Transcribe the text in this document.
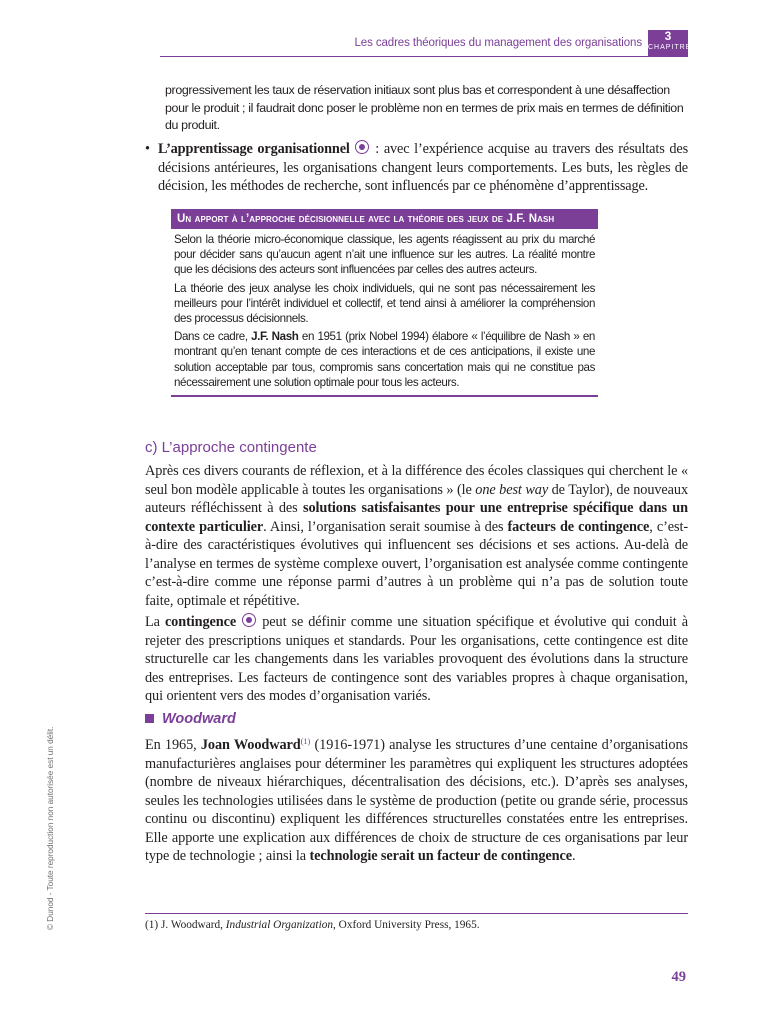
Les cadres théoriques du management des organisations	3
CHAPITRE
progressivement les taux de réservation initiaux sont plus bas et correspondent à une désaffection pour le produit ; il faudrait donc poser le problème non en termes de prix mais en termes de définition du produit.
• L’apprentissage organisationnel  : avec l’expérience acquise au travers des résultats des décisions antérieures, les organisations changent leurs comportements. Les buts, les règles de décision, les méthodes de recherche, sont influencés par ce phénomène d’apprentissage.
Un apport à l’approche décisionnelle avec la théorie des jeux de J.F. Nash

Selon la théorie micro-économique classique, les agents réagissent au prix du marché pour décider sans qu’aucun agent n’ait une influence sur les autres. La réalité montre que les décisions des acteurs sont influencées par celles des autres acteurs.

La théorie des jeux analyse les choix individuels, qui ne sont pas nécessairement les meilleurs pour l’intérêt individuel et collectif, et tend ainsi à améliorer la compréhension des processus décisionnels.

Dans ce cadre, J.F. Nash en 1951 (prix Nobel 1994) élabore « l’équilibre de Nash » en montrant qu’en tenant compte de ces interactions et de ces anticipations, il existe une solution acceptable par tous, compromis sans concertation mais qui ne constitue pas nécessairement une solution optimale pour tous les acteurs.

c) L’approche contingente
Après ces divers courants de réflexion, et à la différence des écoles classiques qui cherchent le « seul bon modèle applicable à toutes les organisations » (le one best way de Taylor), de nouveaux auteurs réfléchissent à des solutions satisfaisantes pour une entreprise spécifique dans un contexte particulier. Ainsi, l’organisation serait soumise à des facteurs de contingence, c’est-à-dire des caractéristiques évolutives qui influencent ses décisions et ses actions. Au-delà de l’analyse en termes de système complexe ouvert, l’organisation est analysée comme contingente c’est-à-dire comme une réponse parmi d’autres à un problème qui n’a pas de solution toute faite, optimale et répétitive.
La contingence  peut se définir comme une situation spécifique et évolutive qui conduit à rejeter des prescriptions uniques et standards. Pour les organisations, cette contingence est dite structurelle car les changements dans les variables provoquent des évolutions dans la structure des entreprises. Les facteurs de contingence sont des variables propres à chaque organisation, qui orientent vers des modes d’organisation variés.
Woodward
En 1965, Joan Woodward$^{(1)}$ (1916-1971) analyse les structures d’une centaine d’organisations manufacturières anglaises pour déterminer les paramètres qui expliquent les structures adoptées (nombre de niveaux hiérarchiques, décentralisation des décisions, etc.). D’après ses analyses, seules les technologies utilisées dans le système de production (petite ou grande série, processus continu ou discontinu) expliquent les différences structurelles constatées entre les entreprises. Elle apporte une explication aux différences de choix de structure de ces organisations par leur type de technologie ; ainsi la technologie serait un facteur de contingence.
(1) J. Woodward, Industrial Organization, Oxford University Press, 1965.
© Dunod - Toute reproduction non autorisée est un délit.
49
